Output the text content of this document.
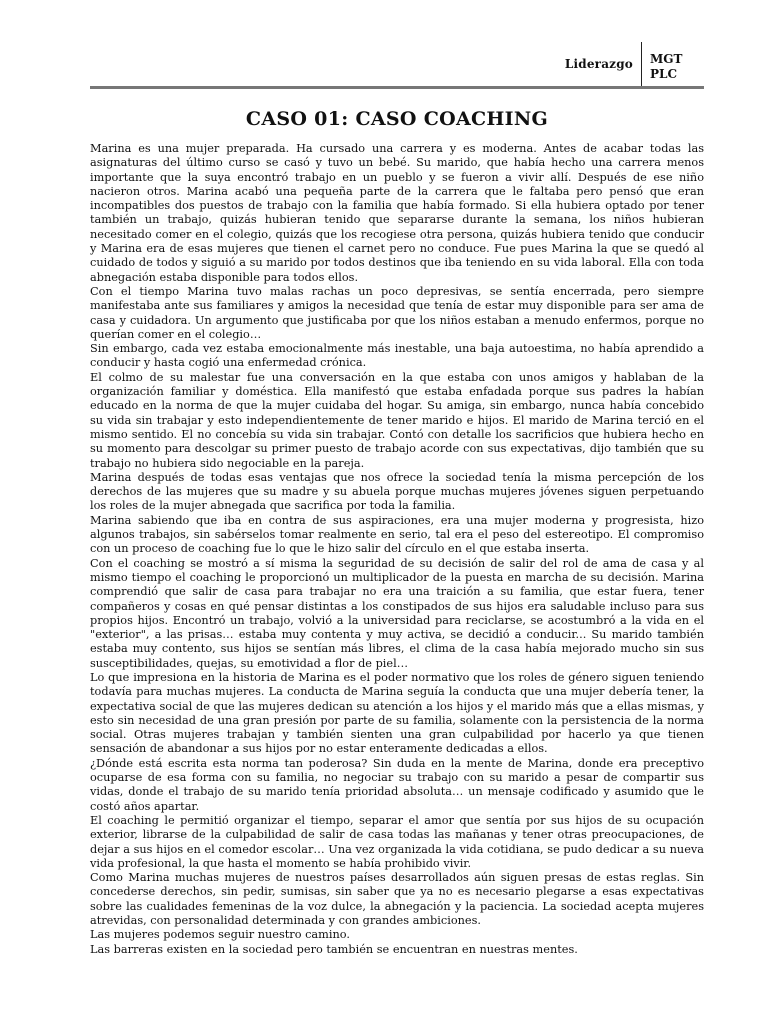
Liderazgo	MGT
PLC
CASO 01: CASO COACHING

Marina es una mujer preparada. Ha cursado una carrera y es moderna. Antes de acabar todas las asignaturas del último curso se casó y tuvo un bebé. Su marido, que había hecho una carrera menos importante que la suya encontró trabajo en un pueblo y se fueron a vivir allí. Después de ese niño nacieron otros. Marina acabó una pequeña parte de la carrera que le faltaba pero pensó que eran incompatibles dos puestos de trabajo con la familia que había formado. Si ella hubiera optado por tener también un trabajo, quizás hubieran tenido que separarse durante la semana, los niños hubieran necesitado comer en el colegio, quizás que los recogiese otra persona, quizás hubiera tenido que conducir y Marina era de esas mujeres que tienen el carnet pero no conduce. Fue pues Marina la que se quedó al cuidado de todos y siguió a su marido por todos destinos que iba teniendo en su vida laboral. Ella con toda abnegación estaba disponible para todos ellos.

Con el tiempo Marina tuvo malas rachas un poco depresivas, se sentía encerrada, pero siempre manifestaba ante sus familiares y amigos la necesidad que tenía de estar muy disponible para ser ama de casa y cuidadora. Un argumento que justificaba por que los niños estaban a menudo enfermos, porque no querían comer en el colegio…

Sin embargo, cada vez estaba emocionalmente más inestable, una baja autoestima, no había aprendido a conducir y hasta cogió una enfermedad crónica.

El colmo de su malestar fue una conversación en la que estaba con unos amigos y hablaban de la organización familiar y doméstica. Ella manifestó que estaba enfadada porque sus padres la habían educado en la norma de que la mujer cuidaba del hogar. Su amiga, sin embargo, nunca había concebido su vida sin trabajar y esto independientemente de tener marido e hijos. El marido de Marina terció en el mismo sentido. El no concebía su vida sin trabajar. Contó con detalle los sacrificios que hubiera hecho en su momento para descolgar su primer puesto de trabajo acorde con sus expectativas, dijo también que su trabajo no hubiera sido negociable en la pareja.

Marina después de todas esas ventajas que nos ofrece la sociedad tenía la misma percepción de los derechos de las mujeres que su madre y su abuela porque muchas mujeres jóvenes siguen perpetuando los roles de la mujer abnegada que sacrifica por toda la familia.

Marina sabiendo que iba en contra de sus aspiraciones, era una mujer moderna y progresista, hizo algunos trabajos, sin sabérselos tomar realmente en serio, tal era el peso del estereotipo. El compromiso con un proceso de coaching fue lo que le hizo salir del círculo en el que estaba inserta.

Con el coaching se mostró a sí misma la seguridad de su decisión de salir del rol de ama de casa y al mismo tiempo el coaching le proporcionó un multiplicador de la puesta en marcha de su decisión. Marina comprendió que salir de casa para trabajar no era una traición a su familia, que estar fuera, tener compañeros y cosas en qué pensar distintas a los constipados de sus hijos era saludable incluso para sus propios hijos. Encontró un trabajo, volvió a la universidad para reciclarse, se acostumbró a la vida en el "exterior", a las prisas… estaba muy contenta y muy activa, se decidió a conducir... Su marido también estaba muy contento, sus hijos se sentían más libres, el clima de la casa había mejorado mucho sin sus susceptibilidades, quejas, su emotividad a flor de piel…

Lo que impresiona en la historia de Marina es el poder normativo que los roles de género siguen teniendo todavía para muchas mujeres. La conducta de Marina seguía la conducta que una mujer debería tener, la expectativa social de que las mujeres dedican su atención a los hijos y el marido más que a ellas mismas, y esto sin necesidad de una gran presión por parte de su familia, solamente con la persistencia de la norma social. Otras mujeres trabajan y también sienten una gran culpabilidad por hacerlo ya que tienen sensación de abandonar a sus hijos por no estar enteramente dedicadas a ellos.

¿Dónde está escrita esta norma tan poderosa? Sin duda en la mente de Marina, donde era preceptivo ocuparse de esa forma con su familia, no negociar su trabajo con su marido a pesar de compartir sus vidas, donde el trabajo de su marido tenía prioridad absoluta… un mensaje codificado y asumido que le costó años apartar.

El coaching le permitió organizar el tiempo, separar el amor que sentía por sus hijos de su ocupación exterior, librarse de la culpabilidad de salir de casa todas las mañanas y tener otras preocupaciones, de dejar a sus hijos en el comedor escolar… Una vez organizada la vida cotidiana, se pudo dedicar a su nueva vida profesional, la que hasta el momento se había prohibido vivir.

Como Marina muchas mujeres de nuestros países desarrollados aún siguen presas de estas reglas. Sin concederse derechos, sin pedir, sumisas, sin saber que ya no es necesario plegarse a esas expectativas sobre las cualidades femeninas de la voz dulce, la abnegación y la paciencia. La sociedad acepta mujeres atrevidas, con personalidad determinada y con grandes ambiciones.

Las mujeres podemos seguir nuestro camino.

Las barreras existen en la sociedad pero también se encuentran en nuestras mentes.
